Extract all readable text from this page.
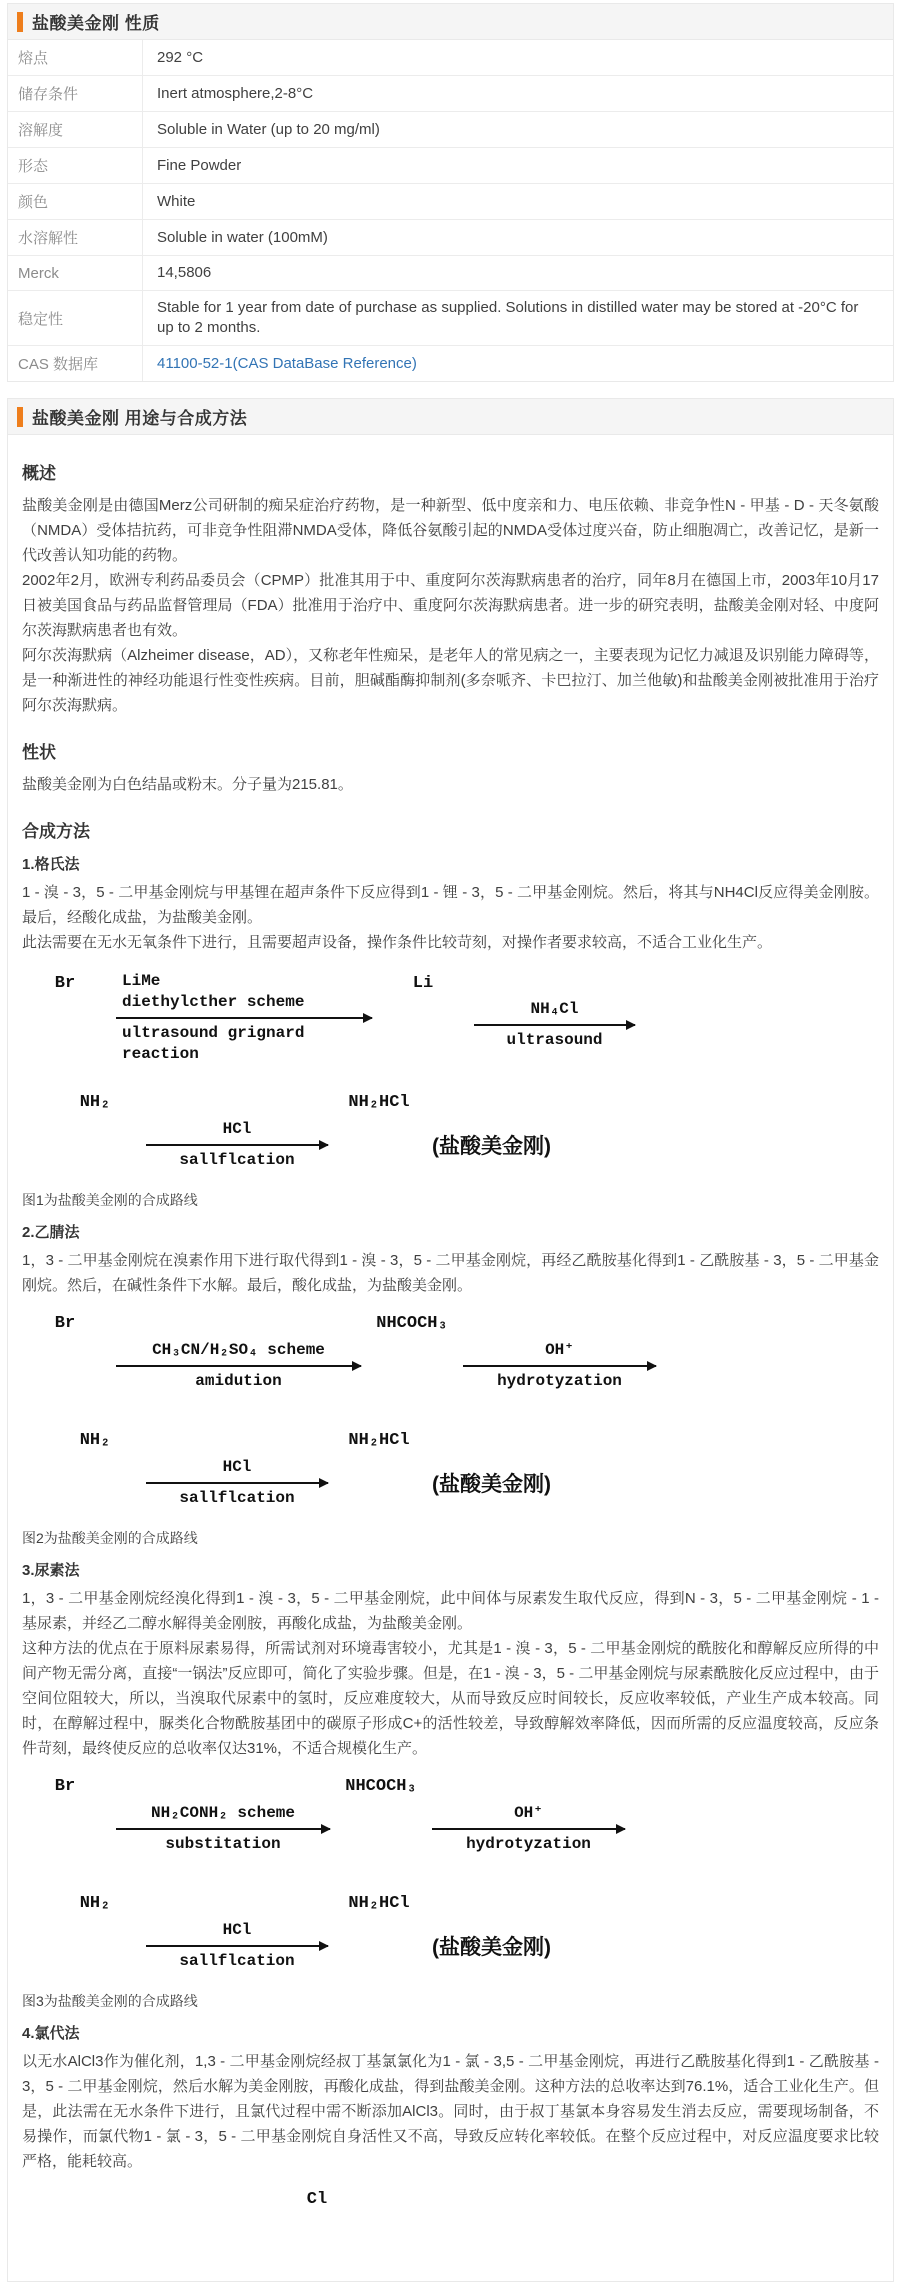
盐酸美金刚 性质
熔点	292 °C
储存条件	Inert atmosphere,2-8°C
溶解度	Soluble in Water (up to 20 mg/ml)
形态	Fine Powder
颜色	White
水溶解性	Soluble in water (100mM)
Merck	14,5806
稳定性
Stable for 1 year from date of purchase as supplied. Solutions in distilled water may be stored at -20°C for up to 2 months.
CAS 数据库	41100-52-1(CAS DataBase Reference)
盐酸美金刚 用途与合成方法
概述

盐酸美金刚是由德国Merz公司研制的痴呆症治疗药物，是一种新型、低中度亲和力、电压依赖、非竞争性N - 甲基 - D - 天冬氨酸（NMDA）受体拮抗药，可非竞争性阻滞NMDA受体，降低谷氨酸引起的NMDA受体过度兴奋，防止细胞凋亡，改善记忆，是新一代改善认知功能的药物。

2002年2月，欧洲专利药品委员会（CPMP）批准其用于中、重度阿尔茨海默病患者的治疗，同年8月在德国上市，2003年10月17日被美国食品与药品监督管理局（FDA）批准用于治疗中、重度阿尔茨海默病患者。进一步的研究表明，盐酸美金刚对轻、中度阿尔茨海默病患者也有效。

阿尔茨海默病（Alzheimer disease，AD），又称老年性痴呆，是老年人的常见病之一，主要表现为记忆力减退及识别能力障碍等，是一种渐进性的神经功能退行性变性疾病。目前，胆碱酯酶抑制剂(多奈哌齐、卡巴拉汀、加兰他敏)和盐酸美金刚被批准用于治疗阿尔茨海默病。

性状

盐酸美金刚为白色结晶或粉末。分子量为215.81。

合成方法
1.格氏法

1 - 溴 - 3，5 - 二甲基金刚烷与甲基锂在超声条件下反应得到1 - 锂 - 3，5 - 二甲基金刚烷。然后，将其与NH4Cl反应得美金刚胺。最后，经酸化成盐，为盐酸美金刚。

此法需要在无水无氧条件下进行，且需要超声设备，操作条件比较苛刻，对操作者要求较高，不适合工业化生产。

Br	LiMe
diethylcther scheme
ultrasound grignard
reaction
Li
NH₄Cl
ultrasound
NH₂
HCl
sallflcation
NH₂HCl
(盐酸美金刚)

图1为盐酸美金刚的合成路线

2.乙腈法

1，3 - 二甲基金刚烷在溴素作用下进行取代得到1 - 溴 - 3，5 - 二甲基金刚烷，再经乙酰胺基化得到1 - 乙酰胺基 - 3，5 - 二甲基金刚烷。然后，在碱性条件下水解。最后，酸化成盐，为盐酸美金刚。

Br
CH₃CN/H₂SO₄ scheme
amidution
NHCOCH₃
OH⁺
hydrotyzation
NH₂
HCl
sallflcation
NH₂HCl
(盐酸美金刚)

图2为盐酸美金刚的合成路线

3.尿素法

1，3 - 二甲基金刚烷经溴化得到1 - 溴 - 3，5 - 二甲基金刚烷，此中间体与尿素发生取代反应，得到N - 3，5 - 二甲基金刚烷 - 1 - 基尿素，并经乙二醇水解得美金刚胺，再酸化成盐，为盐酸美金刚。

这种方法的优点在于原料尿素易得，所需试剂对环境毒害较小，尤其是1 - 溴 - 3，5 - 二甲基金刚烷的酰胺化和醇解反应所得的中间产物无需分离，直接“一锅法”反应即可，简化了实验步骤。但是，在1 - 溴 - 3，5 - 二甲基金刚烷与尿素酰胺化反应过程中，由于空间位阻较大，所以，当溴取代尿素中的氢时，反应难度较大，从而导致反应时间较长，反应收率较低，产业生产成本较高。同时，在醇解过程中，脲类化合物酰胺基团中的碳原子形成C+的活性较差，导致醇解效率降低，因而所需的反应温度较高，反应条件苛刻，最终使反应的总收率仅达31%，不适合规模化生产。

Br
NH₂CONH₂ scheme
substitation
NHCOCH₃
OH⁺
hydrotyzation
NH₂
HCl
sallflcation
NH₂HCl
(盐酸美金刚)

图3为盐酸美金刚的合成路线

4.氯代法

以无水AlCl3作为催化剂，1,3 - 二甲基金刚烷经叔丁基氯氯化为1 - 氯 - 3,5 - 二甲基金刚烷，再进行乙酰胺基化得到1 - 乙酰胺基 - 3，5 - 二甲基金刚烷，然后水解为美金刚胺，再酸化成盐，得到盐酸美金刚。这种方法的总收率达到76.1%，适合工业化生产。但是，此法需在无水条件下进行，且氯代过程中需不断添加AlCl3。同时，由于叔丁基氯本身容易发生消去反应，需要现场制备，不易操作，而氯代物1 - 氯 - 3，5 - 二甲基金刚烷自身活性又不高，导致反应转化率较低。在整个反应过程中，对反应温度要求比较严格，能耗较高。

Cl
